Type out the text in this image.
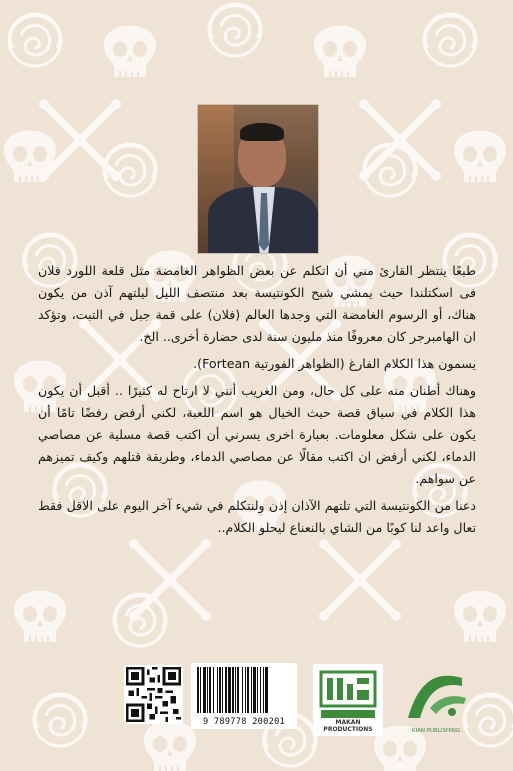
طبعًا ينتظر القارئ مني أن اتكلم عن بعض الظواهر الغامضة مثل قلعة اللورد فلان فى اسكتلندا حيث يمشي شبح الكونتيسة بعد منتصف الليل ليلتهم آذن من يكون هناك، أو الرسوم الغامضة التي وجدها العالم (فلان) على قمة جبل في التبت، وتؤكد ان الهامبرجر كان معروفًا منذ مليون سنة لدى حضارة أخرى.. الخ.

يسمون هذا الكلام الفارغ (الظواهر الفورتية Fortean).

وهناك أطنان منه على كل حال، ومن الغريب أنني لا ارتاح له كثيرًا .. أقبل أن يكون هذا الكلام في سياق قصة حيث الخيال هو اسم اللعبة، لكني أرفض رفضًا تامًا أن يكون على شكل معلومات. بعبارة اخرى يسرني أن اكتب قصة مسلية عن مصاصي الدماء، لكني أرفض ان اكتب مقالًا عن مصاصي الدماء، وطريقة قتلهم وكيف تميزهم عن سواهم.

دعنا من الكونتيسة التي تلتهم الآذان إذن ولنتكلم في شيء آخر اليوم على الاقل فقط تعال واعد لنا كوبًا من الشاي بالنعناع ليحلو الكلام..

9 789778 200201	MAKAN PRODUCTIONS	KIAN PUBLISHING
